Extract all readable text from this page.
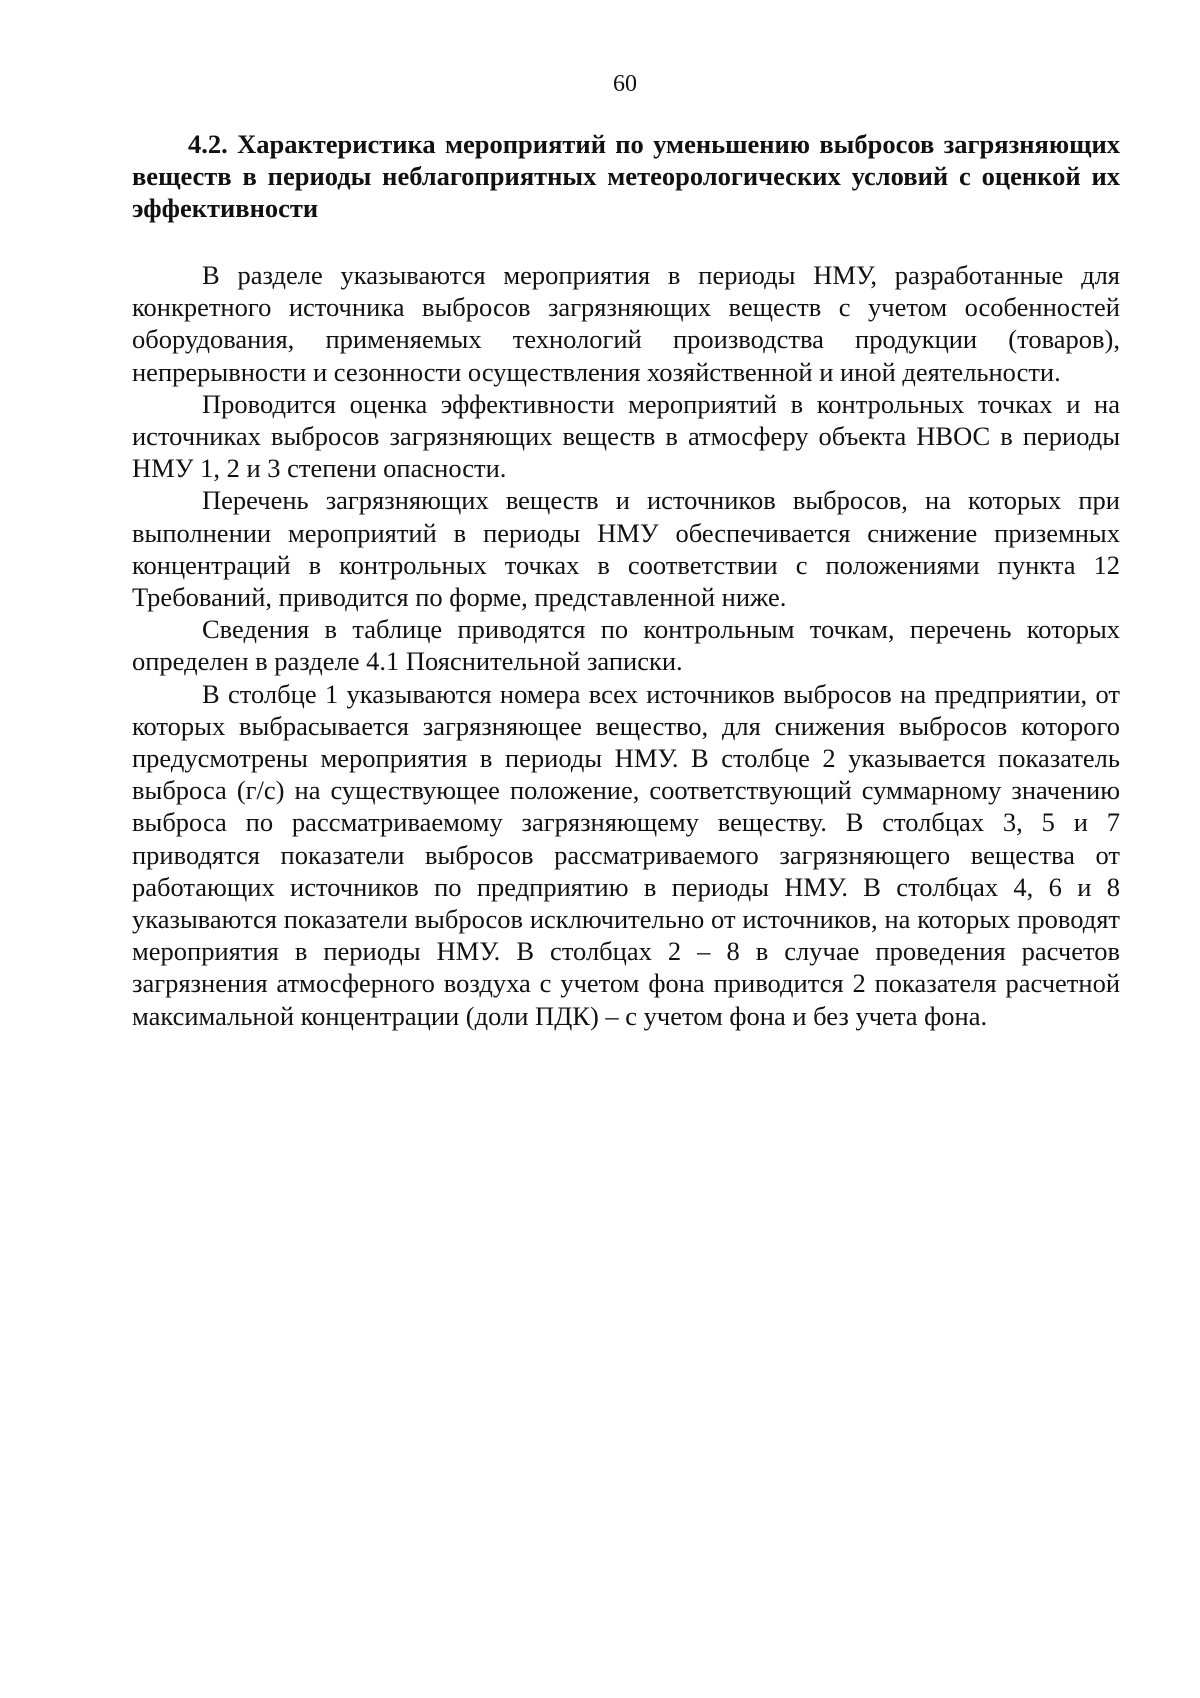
60
4.2. Характеристика мероприятий по уменьшению выбросов загрязняющих веществ в периоды неблагоприятных метеорологических условий с оценкой их эффективности

В разделе указываются мероприятия в периоды НМУ, разработанные для конкретного источника выбросов загрязняющих веществ с учетом особенностей оборудования, применяемых технологий производства продукции (товаров), непрерывности и сезонности осуществления хозяйственной и иной деятельности.

Проводится оценка эффективности мероприятий в контрольных точках и на источниках выбросов загрязняющих веществ в атмосферу объекта НВОС в периоды НМУ 1, 2 и 3 степени опасности.

Перечень загрязняющих веществ и источников выбросов, на которых при выполнении мероприятий в периоды НМУ обеспечивается снижение приземных концентраций в контрольных точках в соответствии с положениями пункта 12 Требований, приводится по форме, представленной ниже.

Сведения в таблице приводятся по контрольным точкам, перечень которых определен в разделе 4.1 Пояснительной записки.

В столбце 1 указываются номера всех источников выбросов на предприятии, от которых выбрасывается загрязняющее вещество, для снижения выбросов которого предусмотрены мероприятия в периоды НМУ. В столбце 2 указывается показатель выброса (г/с) на существующее положение, соответствующий суммарному значению выброса по рассматриваемому загрязняющему веществу. В столбцах 3, 5 и 7 приводятся показатели выбросов рассматриваемого загрязняющего вещества от работающих источников по предприятию в периоды НМУ. В столбцах 4, 6 и 8 указываются показатели выбросов исключительно от источников, на которых проводят мероприятия в периоды НМУ. В столбцах 2 – 8 в случае проведения расчетов загрязнения атмосферного воздуха с учетом фона приводится 2 показателя расчетной максимальной концентрации (доли ПДК) – с учетом фона и без учета фона.
